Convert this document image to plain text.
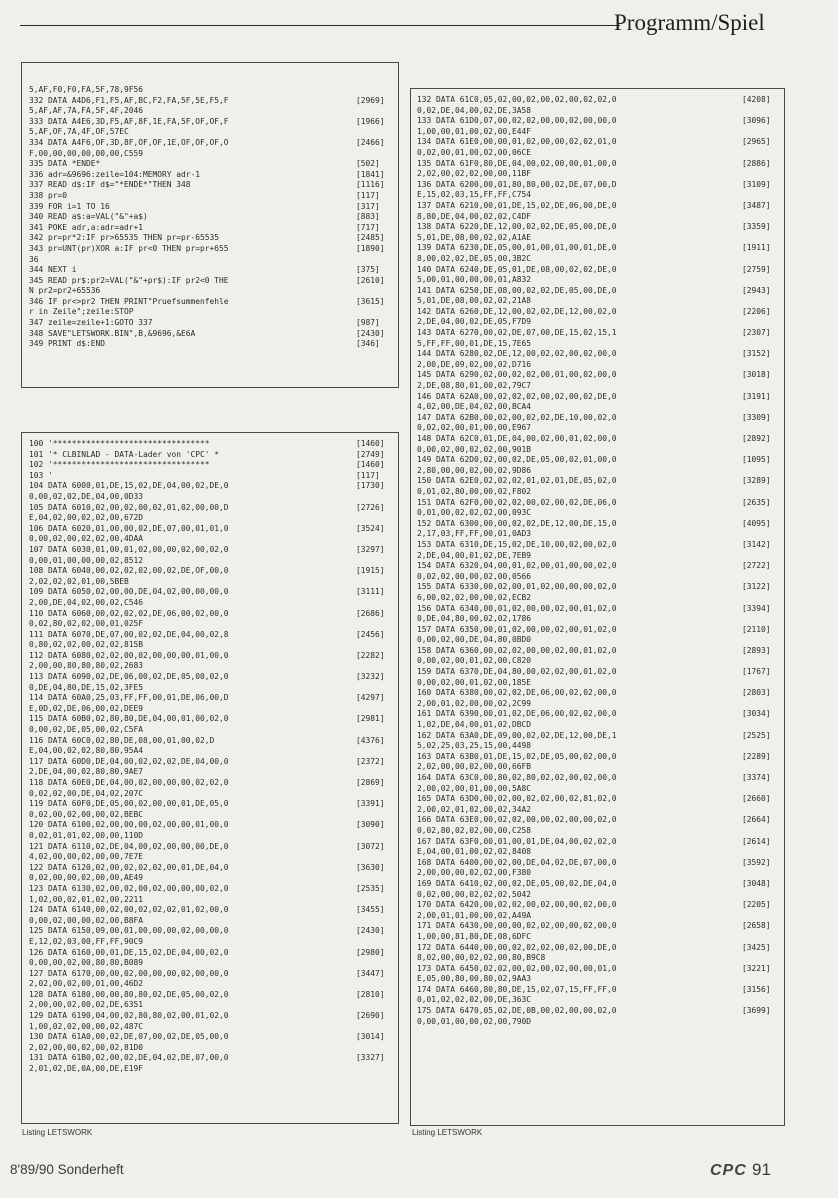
Programm/Spiel
5,AF,F0,F0,FA,5F,78,9F56
332 DATA A4D6,F1,F5,AF,BC,F2,FA,5F,5E,F5,F	[2969]
5,AF,AF,7A,FA,5F,4F,2046
333 DATA A4E6,3D,F5,AF,8F,1E,FA,5F,OF,OF,F	[1966]
5,AF,OF,7A,4F,OF,57EC
334 DATA A4F6,OF,3D,8F,OF,OF,1E,OF,OF,OF,O	[2466]
F,00,00,00,00,00,00,C559
335 DATA *ENDE*	[502]
336 adr=&9696:zeile=104:MEMORY adr-1	[1841]
337 READ d$:IF d$="*ENDE*"THEN 348	[1116]
338 pr=0	[117]
339 FOR i=1 TO 16	[317]
340 READ a$:a=VAL("&"+a$)	[883]
341 POKE adr,a:adr=adr+1	[717]
342 pr=pr*2:IF pr>65535 THEN pr=pr-65535	[2485]
343 pr=UNT(pr)XOR a:IF pr<0 THEN pr=pr+655	[1890]
36
344 NEXT i	[375]
345 READ pr$:pr2=VAL("&"+pr$):IF pr2<0 THE	[2610]
N pr2=pr2+65536
346 IF pr<>pr2 THEN PRINT"Pruefsummenfehle	[3615]
r in Zeile";zeile:STOP
347 zeile=zeile+1:GOTO 337	[987]
348 SAVE"LETSWORK.BIN",B,&9696,&E6A	[2430]
349 PRINT d$:END	[346]
100 '*********************************	[1460]
101 '* CLBINLAD - DATA-Lader von 'CPC' *	[2749]
102 '*********************************	[1460]
103 '	[117]
104 DATA 6000,01,DE,15,02,DE,04,00,02,DE,0	[1730]
0,00,02,02,DE,04,00,0D33
105 DATA 6010,02,00,02,00,02,01,02,00,00,D	[2726]
E,04,02,00,02,02,00,672D
106 DATA 6020,01,00,00,02,DE,07,00,01,01,0	[3524]
0,00,02,00,02,02,00,4DAA
107 DATA 6030,01,00,01,02,00,00,02,00,02,0	[3297]
0,00,01,00,00,00,02,8512
108 DATA 6040,00,02,02,02,00,02,DE,OF,00,0	[1915]
2,02,02,02,01,00,5BEB
109 DATA 6050,02,00,00,DE,04,02,00,00,00,0	[3111]
2,00,DE,04,02,00,02,C546
110 DATA 6060,00,02,02,02,DE,06,00,02,00,0	[2686]
0,02,80,02,02,00,01,025F
111 DATA 6070,DE,07,00,02,02,DE,04,00,02,8	[2456]
0,80,02,02,00,02,02,815B
112 DATA 6080,02,02,00,02,00,00,00,01,00,0	[2282]
2,00,00,80,80,80,02,2683
113 DATA 6090,02,DE,06,00,02,DE,05,00,02,0	[3232]
0,DE,04,80,DE,15,02,3FE5
114 DATA 60A0,25,03,FF,FF,00,01,DE,06,00,D	[4297]
E,0D,02,DE,06,00,02,DEE9
115 DATA 60B0,02,80,80,DE,04,00,01,00,02,0	[2981]
0,00,02,DE,05,00,02,C5FA
116 DATA 60C0,02,80,DE,08,00,01,00,02,D	[4376]
E,04,00,02,02,80,80,95A4
117 DATA 60D0,DE,04,00,02,02,02,DE,04,00,0	[2372]
2,DE,04,00,02,80,80,9AE7
118 DATA 60E0,DE,04,00,02,00,00,00,02,02,0	[2869]
0,02,02,00,DE,04,02,207C
119 DATA 60F0,DE,05,00,02,00,00,01,DE,05,0	[3391]
0,02,00,02,00,00,02,BEBC
120 DATA 6100,02,00,00,00,02,00,00,01,00,0	[3090]
0,02,01,01,02,00,00,110D
121 DATA 6110,02,DE,04,00,02,00,00,00,DE,0	[3072]
4,02,00,00,02,00,00,7E7E
122 DATA 6120,02,00,02,02,02,00,01,DE,04,0	[3630]
0,02,00,00,02,00,00,AE49
123 DATA 6130,02,00,02,00,02,00,00,00,02,0	[2535]
1,02,00,02,01,02,00,2211
124 DATA 6140,00,02,00,02,02,02,01,02,00,0	[3455]
0,00,02,00,00,02,00,B8FA
125 DATA 6150,09,00,01,00,00,00,02,00,00,0	[2430]
E,12,02,03,00,FF,FF,90C9
126 DATA 6160,00,01,DE,15,02,DE,04,00,02,0	[2980]
0,00,00,02,00,80,80,B089
127 DATA 6170,00,00,02,00,00,00,02,00,00,0	[3447]
2,02,00,02,00,01,00,46D2
128 DATA 6180,00,00,80,80,02,DE,05,00,02,0	[2810]
2,00,00,02,00,02,DE,6351
129 DATA 6190,04,00,02,80,80,02,00,01,02,0	[2690]
1,00,02,02,00,00,02,487C
130 DATA 61A0,00,02,DE,07,00,02,DE,05,00,0	[3014]
2,02,00,00,02,00,02,81D0
131 DATA 61B0,02,00,02,DE,04,02,DE,07,00,0	[3327]
2,01,02,DE,0A,00,DE,E19F
132 DATA 61C0,05,02,00,02,00,02,00,02,02,0	[4208]
0,02,DE,04,00,02,DE,3A58
133 DATA 61D0,07,00,02,02,00,00,02,00,00,0	[3096]
1,00,00,01,00,02,00,E44F
134 DATA 61E0,00,00,01,02,00,00,02,02,01,0	[2965]
0,02,00,01,00,02,00,06CE
135 DATA 61F0,80,DE,04,00,02,00,00,01,00,0	[2886]
2,02,00,02,02,00,00,11BF
136 DATA 6200,00,01,80,80,00,02,DE,07,00,D	[3109]
E,15,02,03,15,FF,FF,C754
137 DATA 6210,00,01,DE,15,02,DE,06,00,DE,0	[3487]
8,80,DE,04,00,02,02,C4DF
138 DATA 6220,DE,12,00,02,02,DE,05,00,DE,0	[3359]
5,01,DE,08,00,02,02,A1AE
139 DATA 6230,DE,05,00,01,00,01,00,01,DE,0	[1911]
8,00,02,02,DE,05,00,3B2C
140 DATA 6240,DE,05,01,DE,08,00,02,02,DE,0	[2759]
5,00,01,00,00,00,01,A832
141 DATA 6250,DE,08,00,02,02,DE,05,00,DE,0	[2943]
5,01,DE,08,00,02,02,21A8
142 DATA 6260,DE,12,00,02,02,DE,12,00,02,0	[2206]
2,DE,04,00,02,DE,05,F7D9
143 DATA 6270,00,02,DE,07,00,DE,15,02,15,1	[2307]
5,FF,FF,00,01,DE,15,7E65
144 DATA 6280,02,DE,12,00,02,02,00,02,00,0	[3152]
2,00,DE,09,02,00,02,D716
145 DATA 6290,02,00,02,02,00,01,00,02,00,0	[3018]
2,DE,08,80,01,00,02,79C7
146 DATA 62A0,00,02,02,02,00,02,00,02,DE,0	[3191]
4,02,00,DE,04,02,00,BCA4
147 DATA 62B0,00,02,00,02,02,DE,10,00,02,0	[3309]
0,02,02,00,01,00,00,E967
148 DATA 62C0,01,DE,04,00,02,00,01,02,00,0	[2892]
0,00,02,00,02,02,00,901B
149 DATA 62D0,02,00,02,DE,05,00,02,01,00,0	[1095]
2,80,00,00,02,00,02,9D86
150 DATA 62E0,02,02,02,01,02,01,DE,05,02,0	[3289]
0,01,02,80,00,00,02,F802
151 DATA 62F0,00,02,02,00,02,00,02,DE,06,0	[2635]
0,01,00,02,02,02,00,093C
152 DATA 6300,00,00,02,02,DE,12,00,DE,15,0	[4095]
2,17,03,FF,FF,00,01,0AD3
153 DATA 6310,DE,15,02,DE,10,00,02,00,02,0	[3142]
2,DE,04,00,01,02,DE,7EB9
154 DATA 6320,04,00,01,02,00,01,00,00,02,0	[2722]
0,02,02,00,00,02,00,0566
155 DATA 6330,00,02,00,01,02,00,00,00,02,0	[3122]
6,00,02,02,00,00,02,ECB2
156 DATA 6340,00,01,02,00,00,02,00,01,02,0	[3394]
0,DE,04,80,00,02,02,1786
157 DATA 6350,00,01,02,00,00,02,00,01,02,0	[2110]
0,00,02,00,DE,04,80,0BD0
158 DATA 6360,00,02,02,00,00,02,00,01,02,0	[2893]
0,00,02,00,01,02,00,C820
159 DATA 6370,DE,04,80,00,02,02,00,01,02,0	[1767]
0,00,02,00,01,02,00,185E
160 DATA 6380,00,02,02,DE,06,00,02,02,00,0	[2803]
2,00,01,02,00,00,02,2C99
161 DATA 6390,00,01,02,DE,06,00,02,02,00,0	[3034]
1,02,DE,04,00,01,02,DBCD
162 DATA 63A0,DE,09,00,02,02,DE,12,00,DE,1	[2525]
5,02,25,03,25,15,00,4498
163 DATA 63B0,01,DE,15,02,DE,05,00,02,00,0	[2289]
2,02,00,00,02,00,00,66FB
164 DATA 63C0,00,80,02,80,02,02,00,02,00,0	[3374]
2,00,02,00,01,00,00,5A8C
165 DATA 63D0,00,02,00,02,02,00,02,81,02,0	[2660]
2,00,02,01,02,00,02,34A2
166 DATA 63E0,00,02,02,00,00,02,00,00,02,0	[2664]
0,02,80,02,02,00,00,C258
167 DATA 63F0,00,01,00,01,DE,04,00,02,02,0	[2614]
E,04,00,01,00,02,02,8408
168 DATA 6400,00,02,00,DE,04,02,DE,07,00,0	[3592]
2,00,00,00,02,02,00,F380
169 DATA 6410,02,00,02,DE,05,00,02,DE,04,0	[3048]
0,02,00,00,02,02,02,5042
170 DATA 6420,00,02,02,00,02,00,00,02,00,0	[2205]
2,00,01,01,00,00,02,A49A
171 DATA 6430,00,00,00,02,02,00,00,02,00,0	[2658]
1,00,00,81,80,DE,08,6DFC
172 DATA 6440,00,00,02,02,02,00,02,00,DE,0	[3425]
8,02,00,00,02,02,00,80,B9C8
173 DATA 6450,02,02,00,02,00,02,00,00,01,0	[3221]
E,05,00,80,00,80,02,9AA3
174 DATA 6460,80,80,DE,15,02,07,15,FF,FF,0	[3156]
0,01,02,02,02,00,DE,363C
175 DATA 6470,05,02,DE,0B,00,02,00,00,02,0	[3699]
0,00,01,00,00,02,00,790D
Listing LETSWORK	Listing LETSWORK
8'89/90 Sonderheft	CPC 91
